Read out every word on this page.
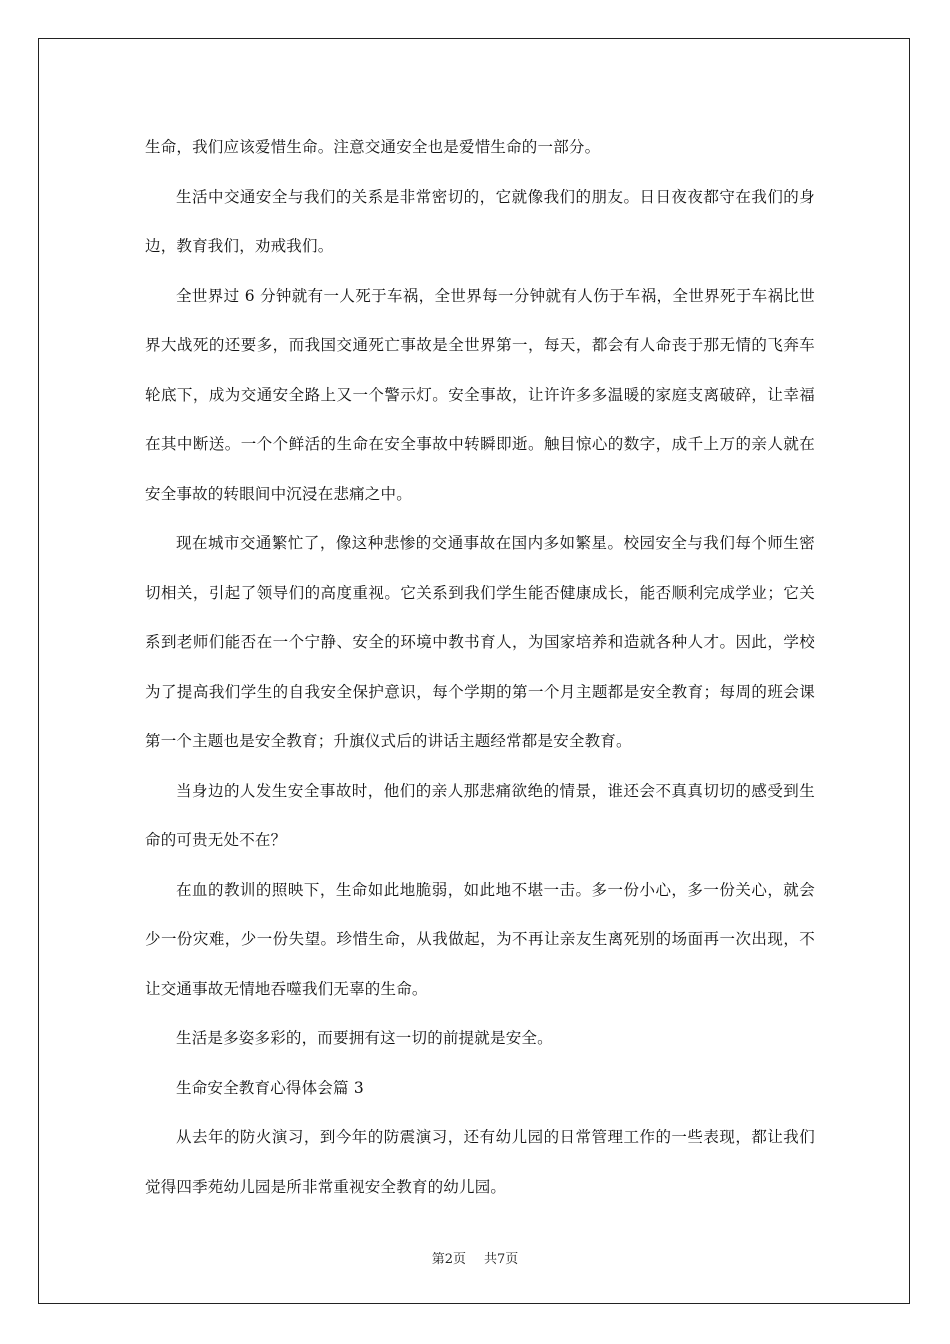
生命，我们应该爱惜生命。注意交通安全也是爱惜生命的一部分。

生活中交通安全与我们的关系是非常密切的，它就像我们的朋友。日日夜夜都守在我们的身边，教育我们，劝戒我们。

全世界过 6 分钟就有一人死于车祸，全世界每一分钟就有人伤于车祸，全世界死于车祸比世界大战死的还要多，而我国交通死亡事故是全世界第一，每天，都会有人命丧于那无情的飞奔车轮底下，成为交通安全路上又一个警示灯。安全事故，让许许多多温暖的家庭支离破碎，让幸福在其中断送。一个个鲜活的生命在安全事故中转瞬即逝。触目惊心的数字，成千上万的亲人就在安全事故的转眼间中沉浸在悲痛之中。

现在城市交通繁忙了，像这种悲惨的交通事故在国内多如繁星。校园安全与我们每个师生密切相关，引起了领导们的高度重视。它关系到我们学生能否健康成长，能否顺利完成学业；它关系到老师们能否在一个宁静、安全的环境中教书育人，为国家培养和造就各种人才。因此，学校为了提高我们学生的自我安全保护意识，每个学期的第一个月主题都是安全教育；每周的班会课第一个主题也是安全教育；升旗仪式后的讲话主题经常都是安全教育。

当身边的人发生安全事故时，他们的亲人那悲痛欲绝的情景，谁还会不真真切切的感受到生命的可贵无处不在？

在血的教训的照映下，生命如此地脆弱，如此地不堪一击。多一份小心，多一份关心，就会少一份灾难，少一份失望。珍惜生命，从我做起，为不再让亲友生离死别的场面再一次出现，不让交通事故无情地吞噬我们无辜的生命。

生活是多姿多彩的，而要拥有这一切的前提就是安全。

生命安全教育心得体会篇 3

从去年的防火演习，到今年的防震演习，还有幼儿园的日常管理工作的一些表现，都让我们觉得四季苑幼儿园是所非常重视安全教育的幼儿园。

第2页 共7页
